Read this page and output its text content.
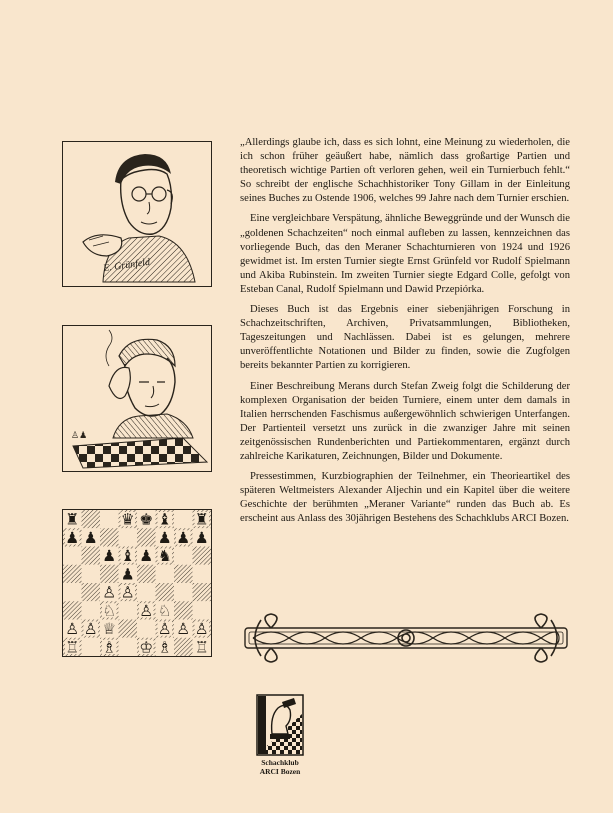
E. Grünfeld
♙♟
♜	♛ ♚ ♝ ♜
♟ ♟	♟ ♟ ♟
♟ ♝ ♟ ♞
♟
♙ ♙
♘ ♙ ♘
♙ ♙ ♕	♙ ♙ ♙
♖ ♗ ♔ ♗ ♖

„Allerdings glaube ich, dass es sich lohnt, eine Meinung zu wiederholen, die ich schon früher geäußert habe, nämlich dass großartige Partien und theoretisch wichtige Partien oft verloren gehen, weil ein Turnierbuch fehlt.“ So schreibt der englische Schachhistoriker Tony Gillam in der Einleitung seines Buches zu Ostende 1906, welches 99 Jahre nach dem Turnier erschien.

Eine vergleichbare Verspätung, ähnliche Beweggründe und der Wunsch die „goldenen Schachzeiten“ noch einmal aufleben zu lassen, kennzeichnen das vorliegende Buch, das den Meraner Schachturnieren von 1924 und 1926 gewidmet ist. Im ersten Turnier siegte Ernst Grünfeld vor Rudolf Spielmann und Akiba Rubinstein. Im zweiten Turnier siegte Edgard Colle, gefolgt von Esteban Canal, Rudolf Spielmann und Dawid Przepiórka.

Dieses Buch ist das Ergebnis einer siebenjährigen Forschung in Schachzeitschriften, Archiven, Privatsammlungen, Bibliotheken, Tageszeitungen und Nachlässen. Dabei ist es gelungen, mehrere unveröffentlichte Notationen und Bilder zu finden, sowie die Zugfolgen bereits bekannter Partien zu korrigieren.

Einer Beschreibung Merans durch Stefan Zweig folgt die Schilderung der komplexen Organisation der beiden Turniere, einem unter dem damals in Italien herrschenden Faschismus außergewöhnlich schwierigen Unterfangen. Der Partienteil versetzt uns zurück in die zwanziger Jahre mit seinen zeitgenössischen Rundenberichten und Partiekommentaren, ergänzt durch zahlreiche Karikaturen, Zeichnungen, Bilder und Dokumente.

Pressestimmen, Kurzbiographien der Teilnehmer, ein Theorieartikel des späteren Weltmeisters Alexander Aljechin und ein Kapitel über die weitere Geschichte der berühmten „Meraner Variante“ runden das Buch ab. Es erscheint aus Anlass des 30jährigen Bestehens des Schachklubs ARCI Bozen.

Schachklub
ARCI Bozen
